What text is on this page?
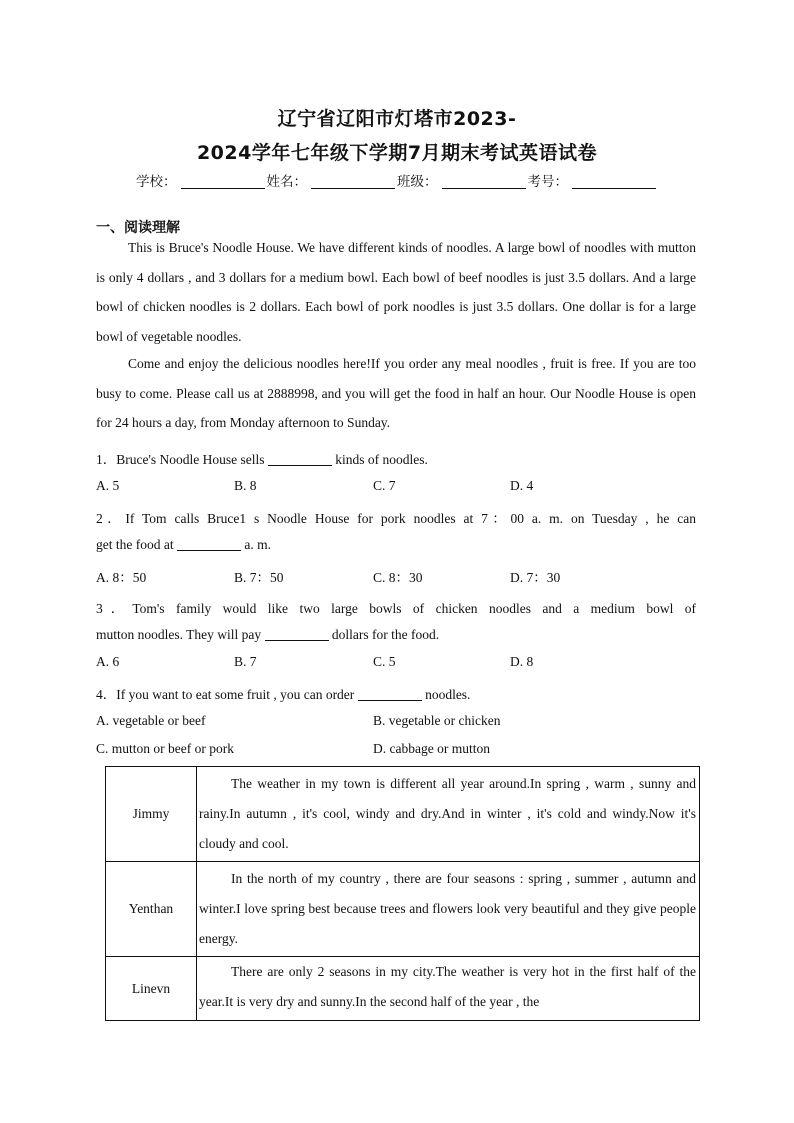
辽宁省辽阳市灯塔市2023-
2024学年七年级下学期7月期末考试英语试卷
学校：	姓名：	班级：	考号：
一、阅读理解
This is Bruce's Noodle House. We have different kinds of noodles. A large bowl of noodles with mutton is only 4 dollars , and 3 dollars for a medium bowl. Each bowl of beef noodles is just 3.5 dollars. And a large bowl of chicken noodles is 2 dollars. Each bowl of pork noodles is just 3.5 dollars. One dollar is for a large bowl of vegetable noodles.
Come and enjoy the delicious noodles here!If you order any meal noodles , fruit is free. If you are too busy to come. Please call us at 2888998, and you will get the food in half an hour. Our Noodle House is open for 24 hours a day, from Monday afternoon to Sunday.
1．Bruce's Noodle House sells	kinds of noodles.
A. 5	B. 8	C. 7	D. 4
2．If Tom calls Bruce1 s Noodle House for pork noodles at 7：00 a. m. on Tuesday , he can
get the food at	a. m.
A. 8：50	B. 7：50	C. 8：30	D. 7：30
3．Tom's family would like two large bowls of chicken noodles and a medium bowl of
mutton noodles. They will pay	dollars for the food.
A. 6	B. 7	C. 5	D. 8
4．If you want to eat some fruit , you can order	noodles.
A. vegetable or beef	B. vegetable or chicken
C. mutton or beef or pork	D. cabbage or mutton
Jimmy	The weather in my town is different all year around.In spring , warm , sunny and rainy.In autumn , it's cool, windy and dry.And in winter , it's cold and windy.Now it's cloudy and cool.
Yenthan	In the north of my country , there are four seasons : spring , summer , autumn and winter.I love spring best because trees and flowers look very beautiful and they give people energy.
Linevn	There are only 2 seasons in my city.The weather is very hot in the first half of the year.It is very dry and sunny.In the second half of the year , the
